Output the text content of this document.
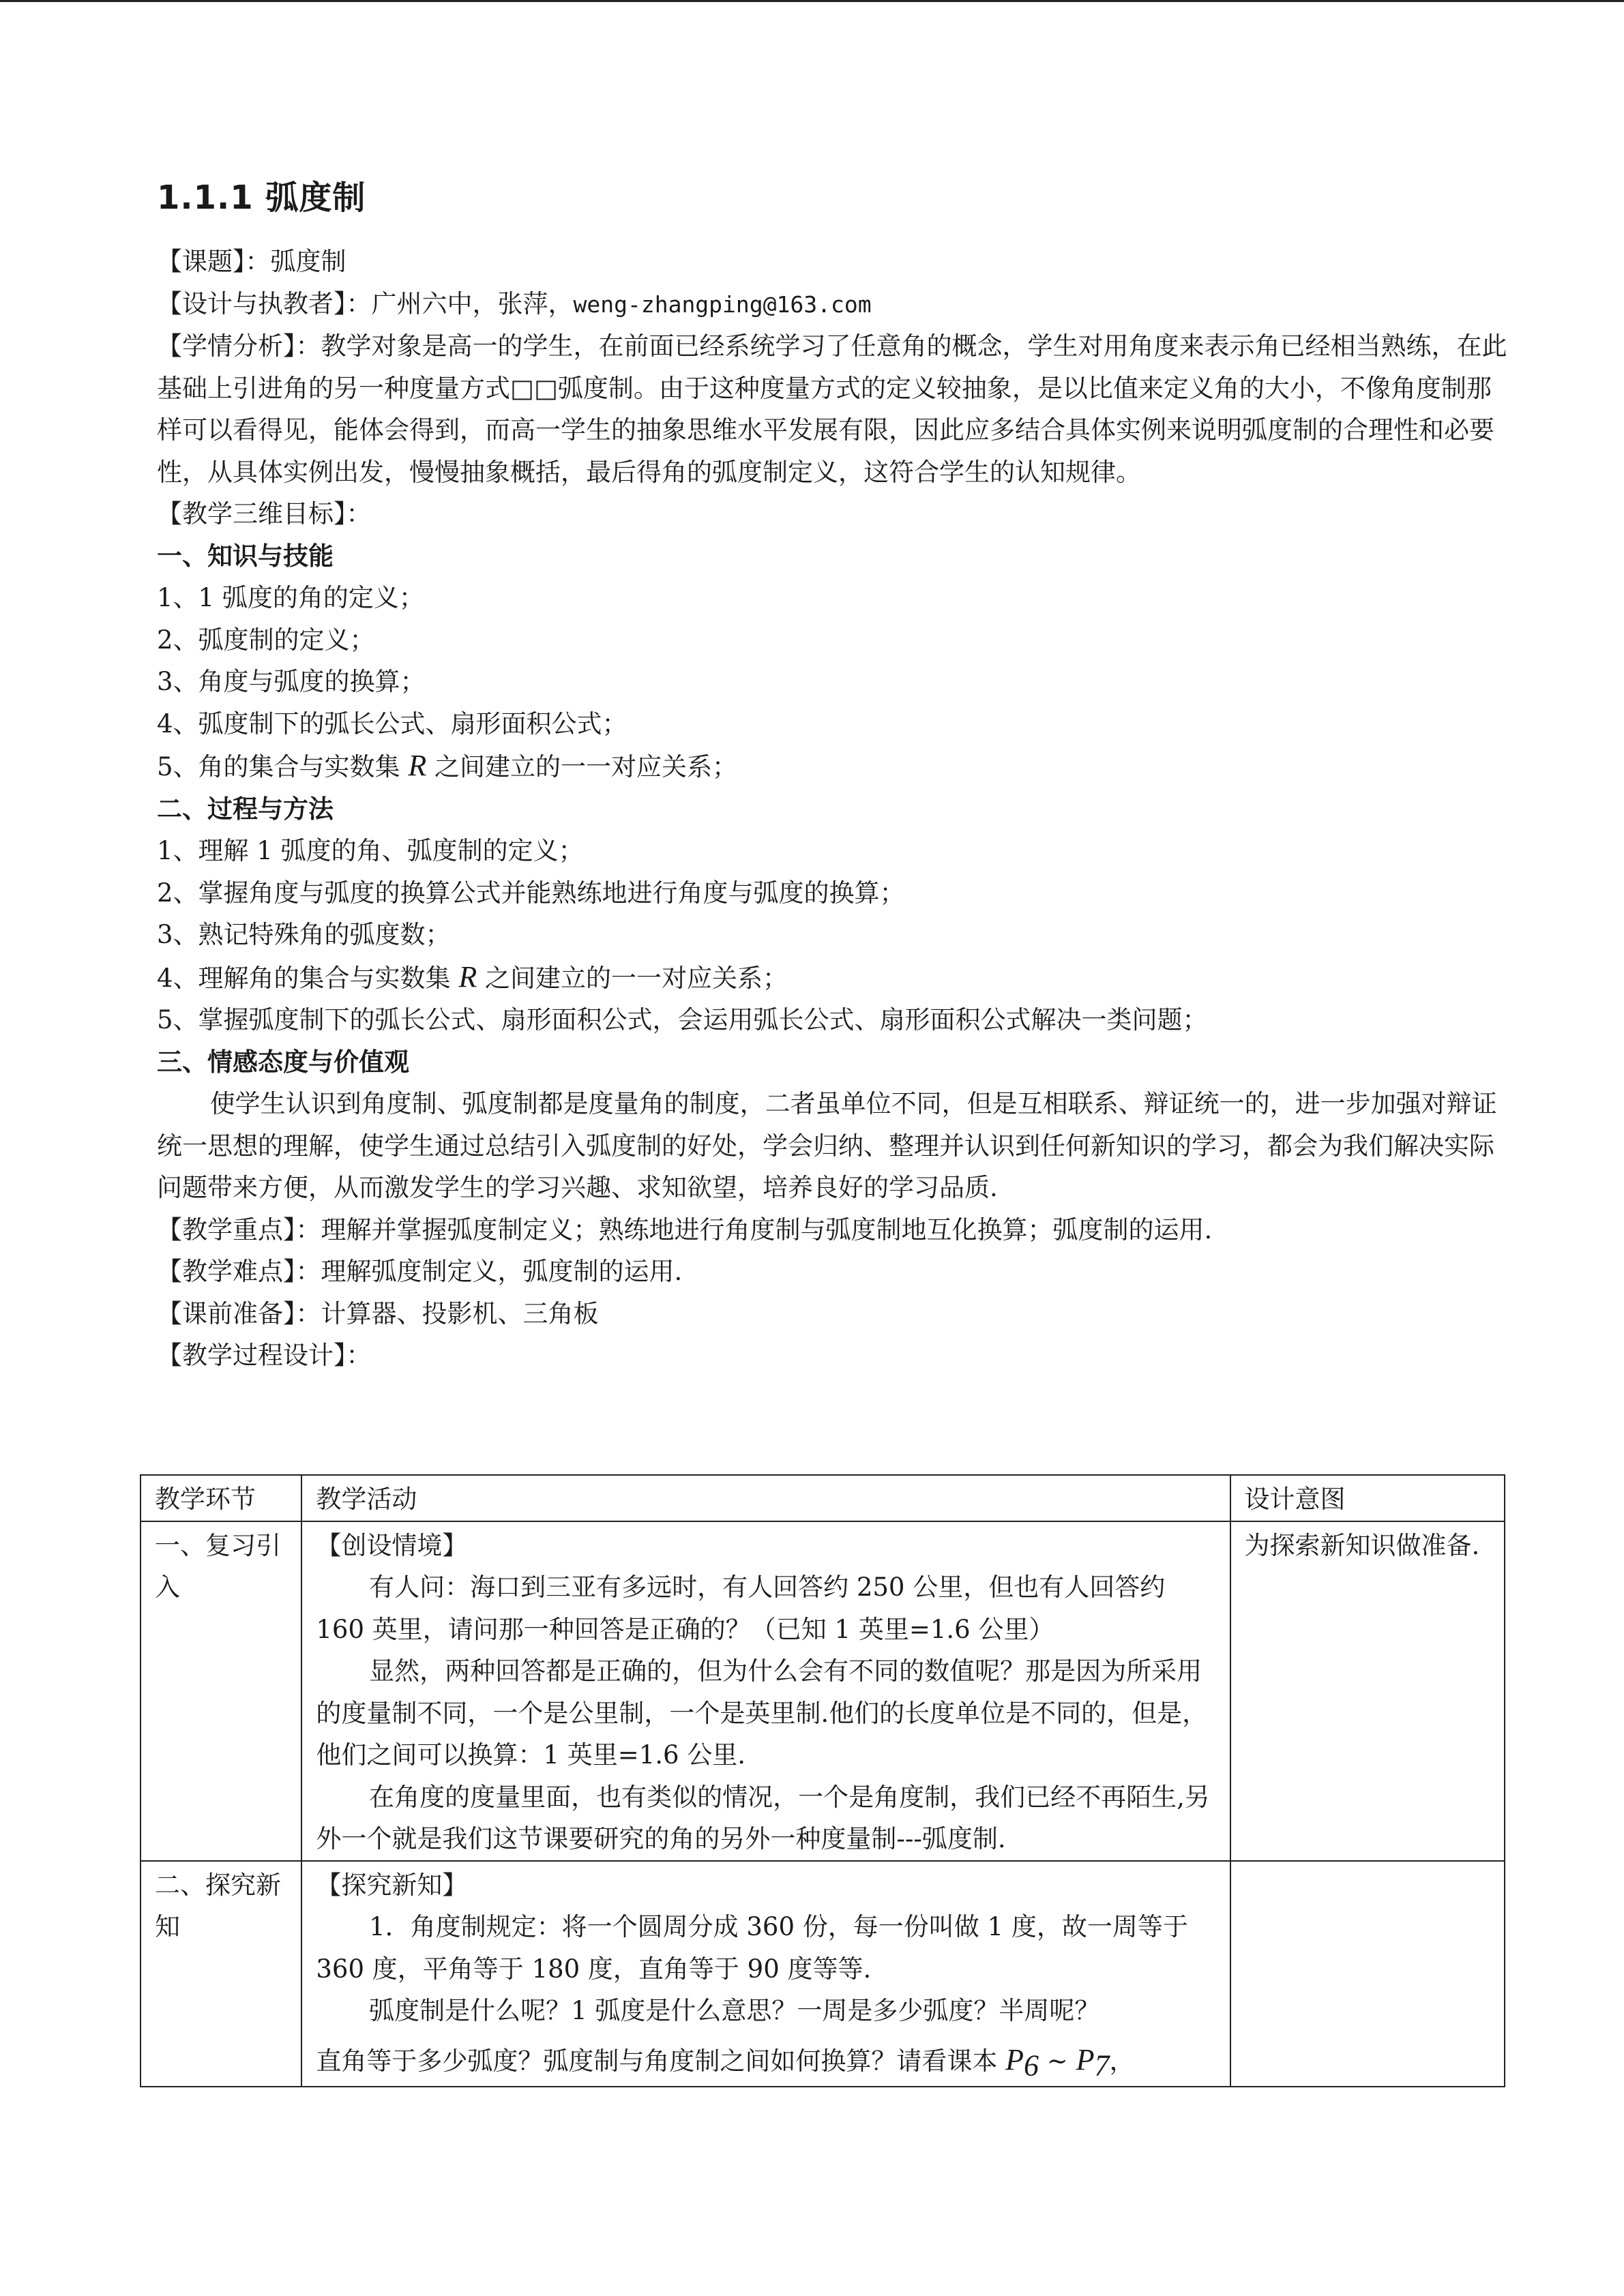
1.1.1 弧度制

【课题】：弧度制

【设计与执教者】：广州六中，张萍，weng-zhangping@163.com

【学情分析】：教学对象是高一的学生，在前面已经系统学习了任意角的概念，学生对用角度来表示角已经相当熟练，在此基础上引进角的另一种度量方式□□弧度制。由于这种度量方式的定义较抽象，是以比值来定义角的大小，不像角度制那样可以看得见，能体会得到，而高一学生的抽象思维水平发展有限，因此应多结合具体实例来说明弧度制的合理性和必要性，从具体实例出发，慢慢抽象概括，最后得角的弧度制定义，这符合学生的认知规律。

【教学三维目标】：

一、知识与技能

1、1 弧度的角的定义；

2、弧度制的定义；

3、角度与弧度的换算；

4、弧度制下的弧长公式、扇形面积公式；

5、角的集合与实数集 R 之间建立的一一对应关系；

二、过程与方法

1、理解 1 弧度的角、弧度制的定义；

2、掌握角度与弧度的换算公式并能熟练地进行角度与弧度的换算；

3、熟记特殊角的弧度数；

4、理解角的集合与实数集 R 之间建立的一一对应关系；

5、掌握弧度制下的弧长公式、扇形面积公式，会运用弧长公式、扇形面积公式解决一类问题；

三、情感态度与价值观

使学生认识到角度制、弧度制都是度量角的制度，二者虽单位不同，但是互相联系、辩证统一的，进一步加强对辩证统一思想的理解，使学生通过总结引入弧度制的好处，学会归纳、整理并认识到任何新知识的学习，都会为我们解决实际问题带来方便，从而激发学生的学习兴趣、求知欲望，培养良好的学习品质.

【教学重点】：理解并掌握弧度制定义；熟练地进行角度制与弧度制地互化换算；弧度制的运用.

【教学难点】：理解弧度制定义，弧度制的运用.

【课前准备】：计算器、投影机、三角板

【教学过程设计】：

教学环节	教学活动	设计意图
一、复习引入	【创设情境】

有人问：海口到三亚有多远时，有人回答约 250 公里，但也有人回答约 160 英里，请问那一种回答是正确的？（已知 1 英里=1.6 公里）

显然，两种回答都是正确的，但为什么会有不同的数值呢？那是因为所采用的度量制不同，一个是公里制，一个是英里制.他们的长度单位是不同的，但是，他们之间可以换算：1 英里=1.6 公里.

在角度的度量里面，也有类似的情况，一个是角度制，我们已经不再陌生,另外一个就是我们这节课要研究的角的另外一种度量制---弧度制.	为探索新知识做准备.
二、探究新知	【探究新知】

1．角度制规定：将一个圆周分成 360 份，每一份叫做 1 度，故一周等于 360 度，平角等于 180 度，直角等于 90 度等等.

弧度制是什么呢？1 弧度是什么意思？一周是多少弧度？半周呢？

直角等于多少弧度？弧度制与角度制之间如何换算？请看课本 $P_6$ ~ $P_7$，	
